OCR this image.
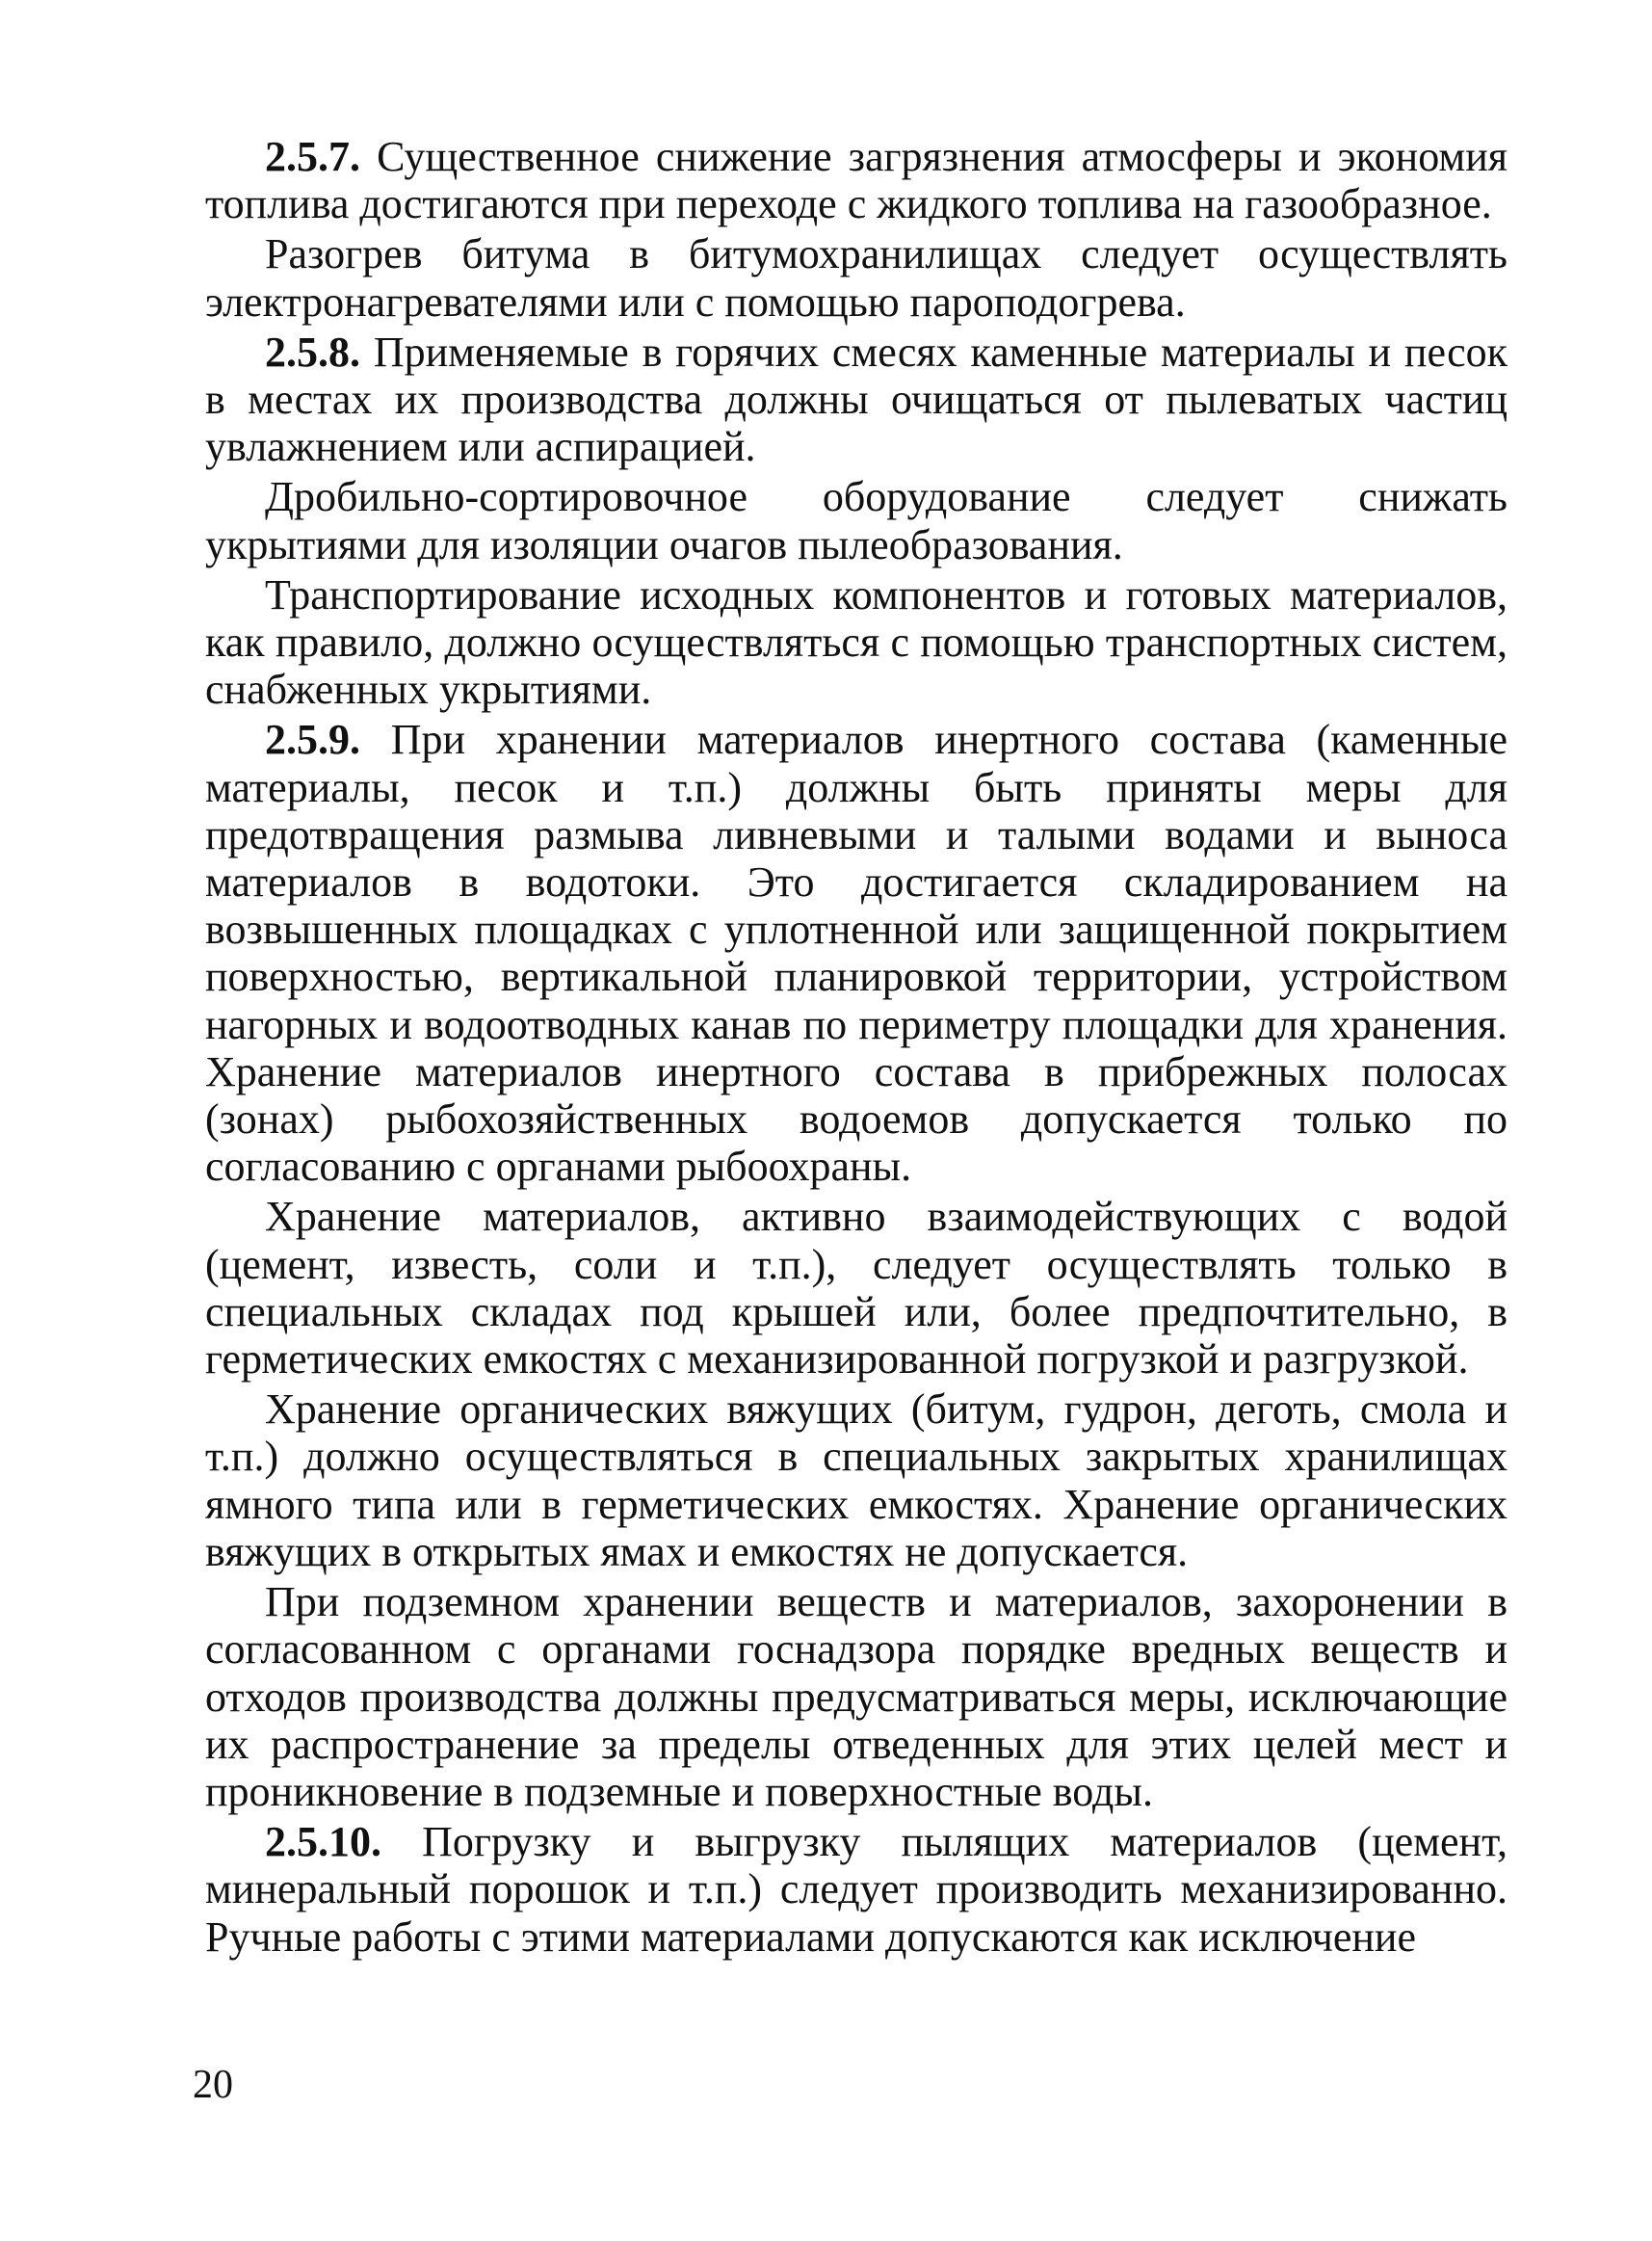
2.5.7. Существенное снижение загрязнения атмосферы и экономия топлива достигаются при переходе с жидкого топлива на газообразное.

Разогрев битума в битумохранилищах следует осуществлять электронагревателями или с помощью пароподогрева.

2.5.8. Применяемые в горячих смесях каменные материалы и песок в местах их производства должны очищаться от пылеватых частиц увлажнением или аспирацией.

Дробильно-сортировочное оборудование следует снижать укрытиями для изоляции очагов пылеобразования.

Транспортирование исходных компонентов и готовых материалов, как правило, должно осуществляться с помощью транспортных систем, снабженных укрытиями.

2.5.9. При хранении материалов инертного состава (каменные материалы, песок и т.п.) должны быть приняты меры для предотвращения размыва ливневыми и талыми водами и выноса материалов в водотоки. Это достигается складированием на возвышенных площадках с уплотненной или защищенной покрытием поверхностью, вертикальной планировкой территории, устройством нагорных и водоотводных канав по периметру площадки для хранения. Хранение материалов инертного состава в прибрежных полосах (зонах) рыбохозяйственных водоемов допускается только по согласованию с органами рыбоохраны.

Хранение материалов, активно взаимодействующих с водой (цемент, известь, соли и т.п.), следует осуществлять только в специальных складах под крышей или, более предпочтительно, в герметических емкостях с механизированной погрузкой и разгрузкой.

Хранение органических вяжущих (битум, гудрон, деготь, смола и т.п.) должно осуществляться в специальных закрытых хранилищах ямного типа или в герметических емкостях. Хранение органических вяжущих в открытых ямах и емкостях не допускается.

При подземном хранении веществ и материалов, захоронении в согласованном с органами госнадзора порядке вредных веществ и отходов производства должны предусматриваться меры, исключающие их распространение за пределы отведенных для этих целей мест и проникновение в подземные и поверхностные воды.

2.5.10. Погрузку и выгрузку пылящих материалов (цемент, минеральный порошок и т.п.) следует производить механизированно. Ручные работы с этими материалами допускаются как исключение

20
